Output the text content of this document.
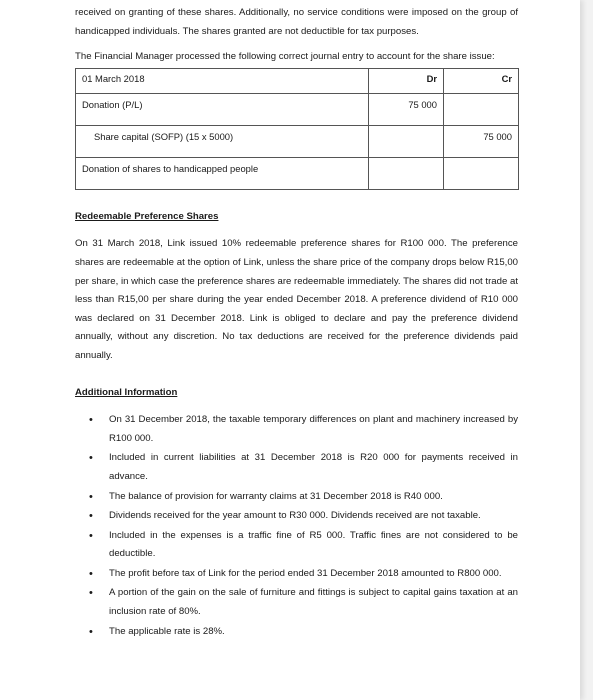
received on granting of these shares. Additionally, no service conditions were imposed on the group of handicapped individuals. The shares granted are not deductible for tax purposes.

The Financial Manager processed the following correct journal entry to account for the share issue:

01 March 2018	Dr	Cr
Donation (P/L)	75 000	
Share capital (SOFP) (15 x 5000)		75 000
Donation of shares to handicapped people		

Redeemable Preference Shares

On 31 March 2018, Link issued 10% redeemable preference shares for R100 000. The preference shares are redeemable at the option of Link, unless the share price of the company drops below R15,00 per share, in which case the preference shares are redeemable immediately. The shares did not trade at less than R15,00 per share during the year ended December 2018. A preference dividend of R10 000 was declared on 31 December 2018. Link is obliged to declare and pay the preference dividend annually, without any discretion. No tax deductions are received for the preference dividends paid annually.

Additional Information

• On 31 December 2018, the taxable temporary differences on plant and machinery increased by R100 000.
• Included in current liabilities at 31 December 2018 is R20 000 for payments received in advance.
• The balance of provision for warranty claims at 31 December 2018 is R40 000.
• Dividends received for the year amount to R30 000. Dividends received are not taxable.
• Included in the expenses is a traffic fine of R5 000. Traffic fines are not considered to be deductible.
• The profit before tax of Link for the period ended 31 December 2018 amounted to R800 000.
• A portion of the gain on the sale of furniture and fittings is subject to capital gains taxation at an inclusion rate of 80%.
• The applicable rate is 28%.
